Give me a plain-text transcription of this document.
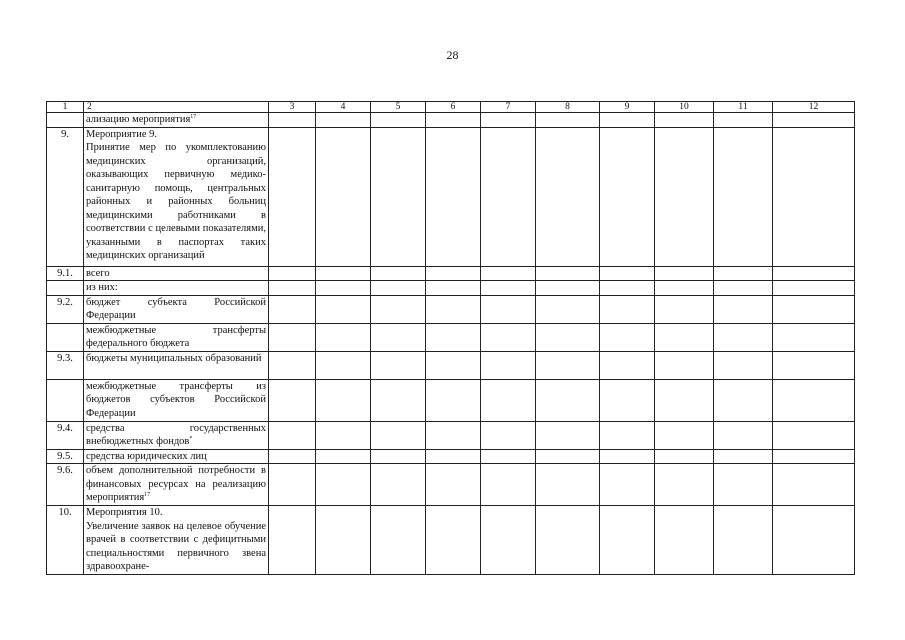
28
1	2	3	4	5	6	7	8	9	10	11	12

	ализацию мероприятия$^{17}$

9.	Мероприятие 9.
Принятие мер по укомплектованию медицинских организаций, оказывающих первичную медико-санитарную помощь, центральных районных и районных больниц медицинскими работниками в соответствии с целевыми показателями, указанными в паспортах таких медицинских организаций										

9.1.	всего										

	из них:										

9.2.	бюджет субъекта Российской Федерации										

	межбюджетные трансферты федерального бюджета										

9.3.	бюджеты муниципальных образований										

	межбюджетные трансферты из бюджетов субъектов Российской Федерации										

9.4.	средства государственных внебюджетных фондов*

9.5.	средства юридических лиц										

9.6.	объем дополнительной потребности в финансовых ресурсах на реализацию мероприятия$^{17}$

10.	Мероприятия 10.
Увеличение заявок на целевое обучение врачей в соответствии с дефицитными специальностями первичного звена здравоохране-										
